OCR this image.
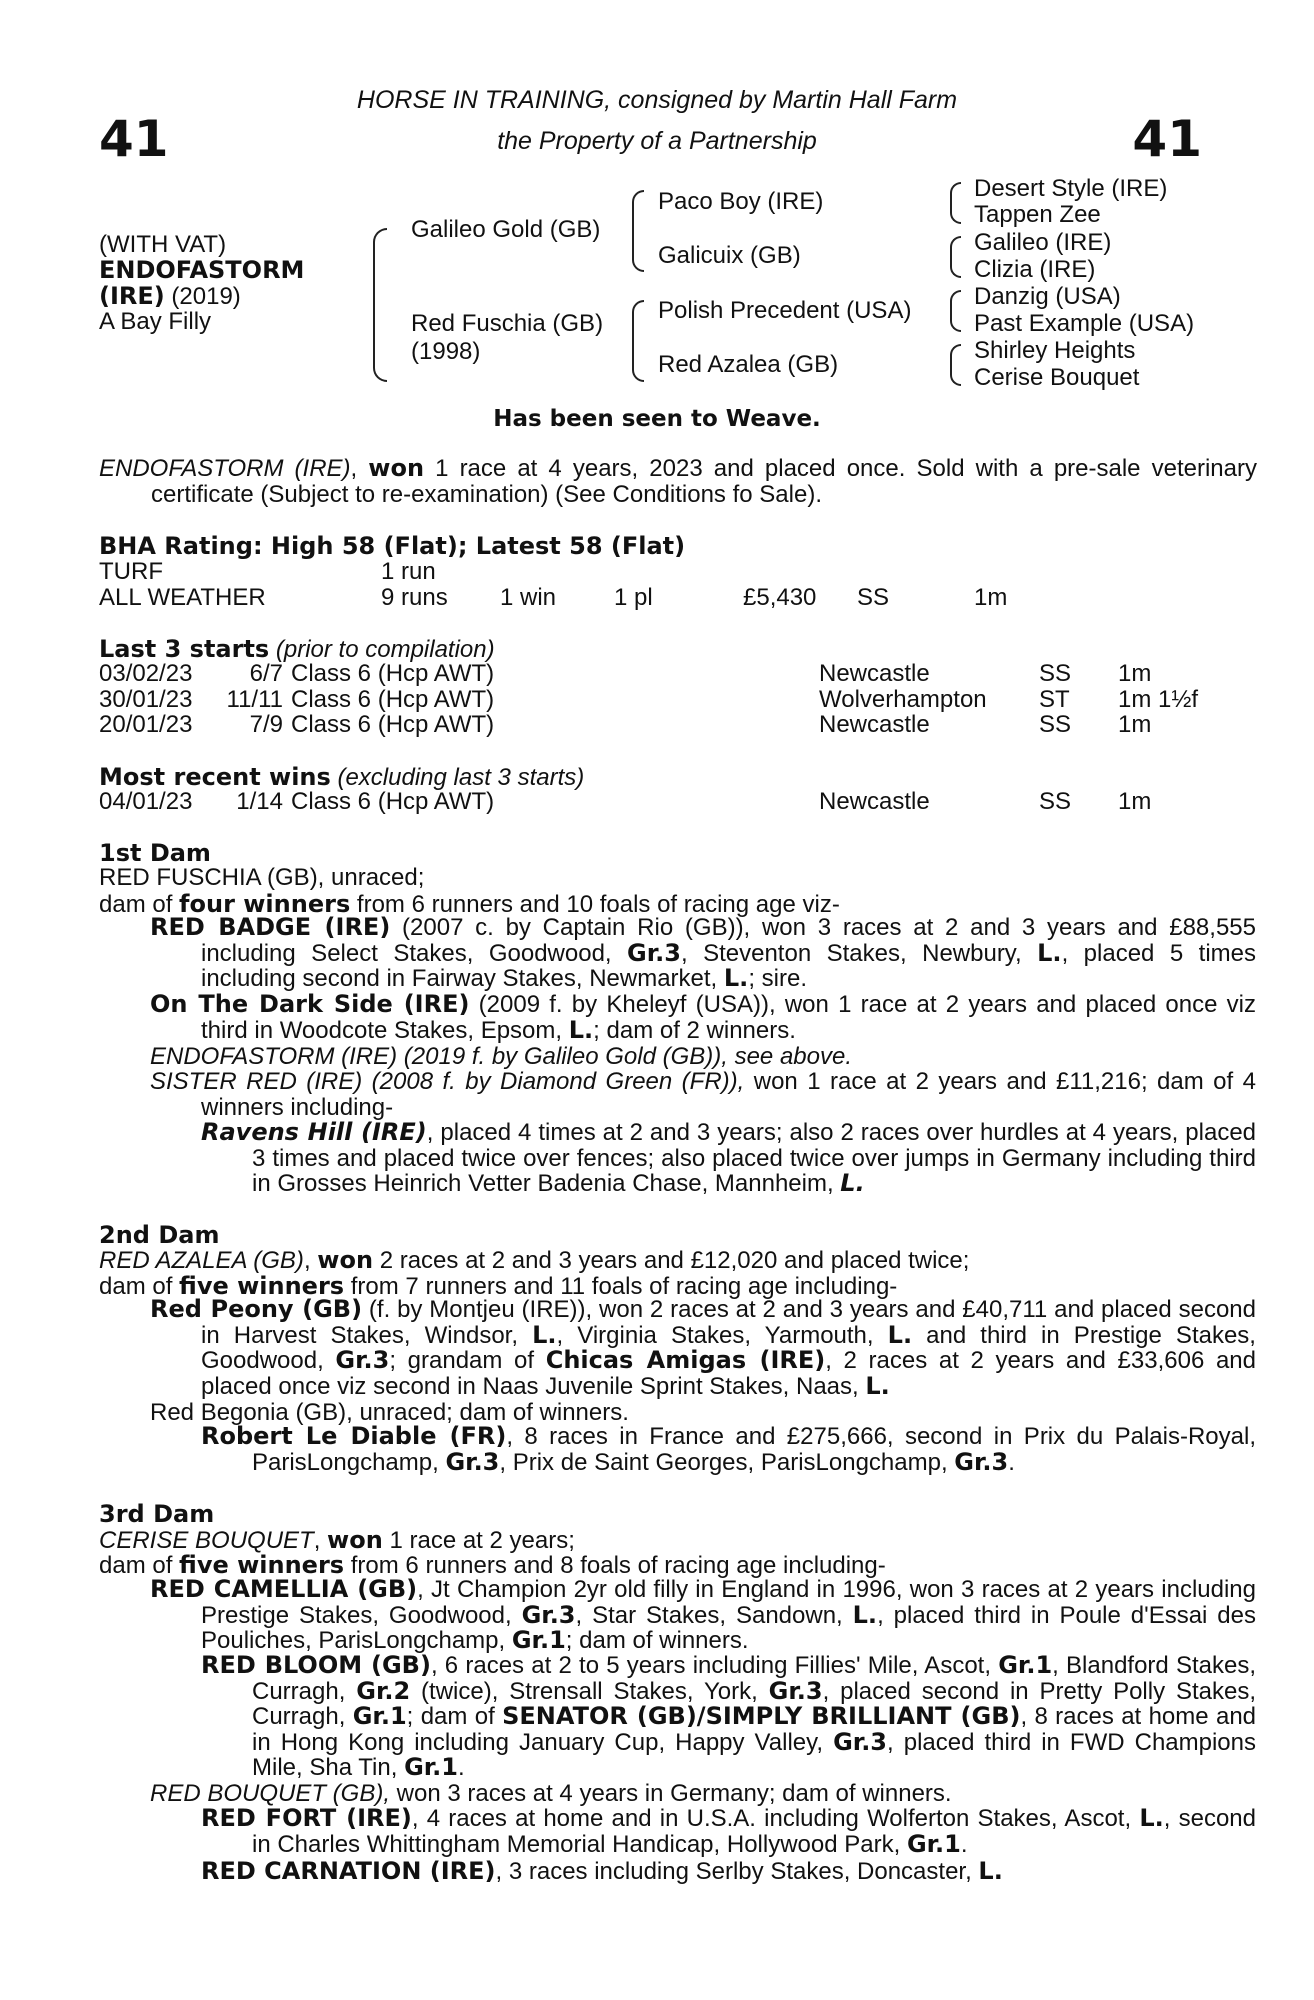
41	41
HORSE IN TRAINING, consigned by Martin Hall Farm
the Property of a Partnership
(WITH VAT)
ENDOFASTORM
(IRE) (2019)
A Bay Filly
Galileo Gold (GB)
Red Fuschia (GB)
(1998)
Paco Boy (IRE)
Galicuix (GB)
Polish Precedent (USA)
Red Azalea (GB)
Desert Style (IRE)
Tappen Zee
Galileo (IRE)
Clizia (IRE)
Danzig (USA)
Past Example (USA)
Shirley Heights
Cerise Bouquet
Has been seen to Weave.
ENDOFASTORM (IRE), won 1 race at 4 years, 2023 and placed once. Sold with a pre-sale veterinary certificate (Subject to re-examination) (See Conditions fo Sale).
BHA Rating: High 58 (Flat); Latest 58 (Flat)
TURF	1 run
ALL WEATHER	9 runs 1 win 1 pl	£5,430 SS	1m
Last 3 starts (prior to compilation)
03/02/23	6/7 Class 6 (Hcp AWT)	Newcastle	SS 1m
30/01/23	11/11 Class 6 (Hcp AWT)	Wolverhampton ST 1m 1½f
20/01/23	7/9 Class 6 (Hcp AWT)	Newcastle	SS 1m
Most recent wins (excluding last 3 starts)
04/01/23	1/14 Class 6 (Hcp AWT)	Newcastle	SS 1m
1st Dam
RED FUSCHIA (GB), unraced;
dam of four winners from 6 runners and 10 foals of racing age viz-
RED BADGE (IRE) (2007 c. by Captain Rio (GB)), won 3 races at 2 and 3 years and £88,555 including Select Stakes, Goodwood, Gr.3, Steventon Stakes, Newbury, L., placed 5 times including second in Fairway Stakes, Newmarket, L.; sire.
On The Dark Side (IRE) (2009 f. by Kheleyf (USA)), won 1 race at 2 years and placed once viz third in Woodcote Stakes, Epsom, L.; dam of 2 winners.
ENDOFASTORM (IRE) (2019 f. by Galileo Gold (GB)), see above.
SISTER RED (IRE) (2008 f. by Diamond Green (FR)), won 1 race at 2 years and £11,216; dam of 4 winners including-
Ravens Hill (IRE), placed 4 times at 2 and 3 years; also 2 races over hurdles at 4 years, placed 3 times and placed twice over fences; also placed twice over jumps in Germany including third in Grosses Heinrich Vetter Badenia Chase, Mannheim, L.
2nd Dam
RED AZALEA (GB), won 2 races at 2 and 3 years and £12,020 and placed twice;
dam of five winners from 7 runners and 11 foals of racing age including-
Red Peony (GB) (f. by Montjeu (IRE)), won 2 races at 2 and 3 years and £40,711 and placed second in Harvest Stakes, Windsor, L., Virginia Stakes, Yarmouth, L. and third in Prestige Stakes, Goodwood, Gr.3; grandam of Chicas Amigas (IRE), 2 races at 2 years and £33,606 and placed once viz second in Naas Juvenile Sprint Stakes, Naas, L.
Red Begonia (GB), unraced; dam of winners.
Robert Le Diable (FR), 8 races in France and £275,666, second in Prix du Palais-Royal, ParisLongchamp, Gr.3, Prix de Saint Georges, ParisLongchamp, Gr.3.
3rd Dam
CERISE BOUQUET, won 1 race at 2 years;
dam of five winners from 6 runners and 8 foals of racing age including-
RED CAMELLIA (GB), Jt Champion 2yr old filly in England in 1996, won 3 races at 2 years including Prestige Stakes, Goodwood, Gr.3, Star Stakes, Sandown, L., placed third in Poule d'Essai des Pouliches, ParisLongchamp, Gr.1; dam of winners.
RED BLOOM (GB), 6 races at 2 to 5 years including Fillies' Mile, Ascot, Gr.1, Blandford Stakes, Curragh, Gr.2 (twice), Strensall Stakes, York, Gr.3, placed second in Pretty Polly Stakes, Curragh, Gr.1; dam of SENATOR (GB)/SIMPLY BRILLIANT (GB), 8 races at home and in Hong Kong including January Cup, Happy Valley, Gr.3, placed third in FWD Champions Mile, Sha Tin, Gr.1.
RED BOUQUET (GB), won 3 races at 4 years in Germany; dam of winners.
RED FORT (IRE), 4 races at home and in U.S.A. including Wolferton Stakes, Ascot, L., second in Charles Whittingham Memorial Handicap, Hollywood Park, Gr.1.
RED CARNATION (IRE), 3 races including Serlby Stakes, Doncaster, L.
